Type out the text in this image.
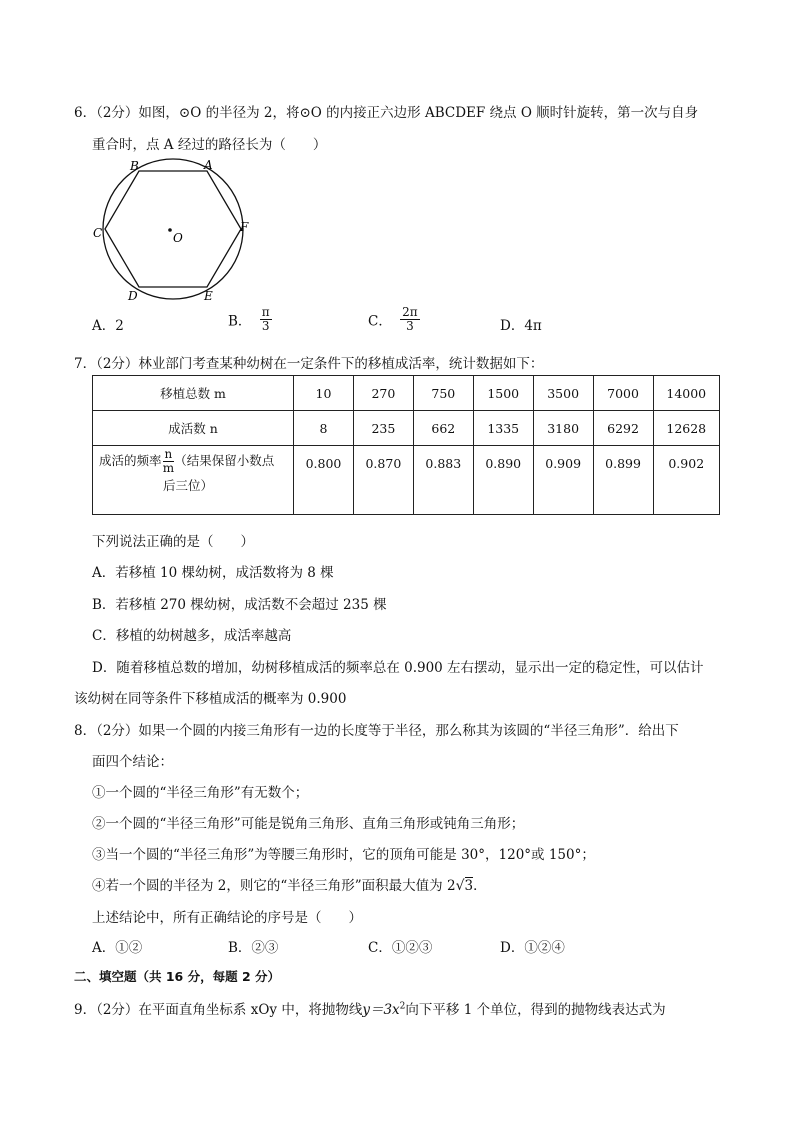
6．（2分）如图，⊙O 的半径为 2，将⊙O 的内接正六边形 ABCDEF 绕点 O 顺时针旋转，第一次与自身
重合时，点 A 经过的路径长为（　　）
B	A
C	F
O
D	E
A．2	B． $\frac{\pi}{3}$	C． $\frac{2\pi}{3}$	D．4π
7．（2分）林业部门考查某种幼树在一定条件下的移植成活率，统计数据如下：
移植总数 m	10	270	750	1500	3500	7000	14000
成活数 n	8	235	662	1335	3180	6292	12628
成活的频率 $\frac{n}{m}$ （结果保留小数点
后三位）	0.800	0.870	0.883	0.890	0.909	0.899	0.902
下列说法正确的是（　　）
A．若移植 10 棵幼树，成活数将为 8 棵
B．若移植 270 棵幼树，成活数不会超过 235 棵
C．移植的幼树越多，成活率越高
D．随着移植总数的增加，幼树移植成活的频率总在 0.900 左右摆动，显示出一定的稳定性，可以估计
该幼树在同等条件下移植成活的概率为 0.900
8．（2分）如果一个圆的内接三角形有一边的长度等于半径，那么称其为该圆的“半径三角形”．给出下
面四个结论：
①一个圆的“半径三角形”有无数个；
②一个圆的“半径三角形”可能是锐角三角形、直角三角形或钝角三角形；
③当一个圆的“半径三角形”为等腰三角形时，它的顶角可能是 30°，120°或 150°；
④若一个圆的半径为 2，则它的“半径三角形”面积最大值为 2√3．
上述结论中，所有正确结论的序号是（　　）
A．①②	B．②③	C．①②③	D．①②④
二、填空题（共 16 分，每题 2 分）
9．（2分）在平面直角坐标系 xOy 中，将抛物线$y=3x^2$向下平移 1 个单位，得到的抛物线表达式为
